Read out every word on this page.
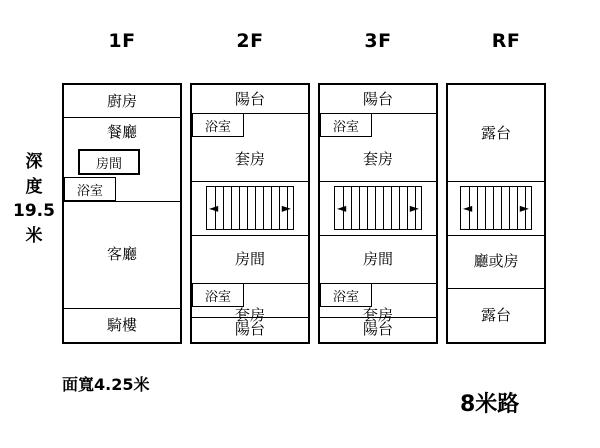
1F	2F	3F	RF
深
度
19.5
米
廚房
餐廳
房間
浴室
客廳
騎樓
陽台
浴室
套房
◄	►
房間
浴室
套房
陽台
陽台
浴室
套房
◄	►
房間
浴室
套房
陽台
露台
◄	►
廳或房
露台
面寬4.25米
8米路
